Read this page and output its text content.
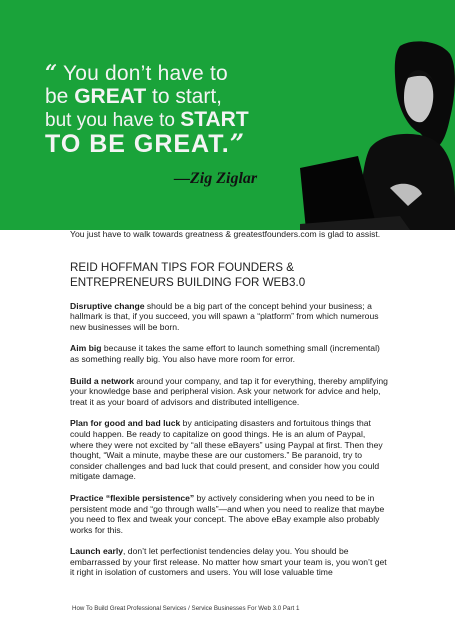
“ You don’t have to
be GREAT to start,
but you have to START
TO BE GREAT.”
—Zig Ziglar

You just have to walk towards greatness & greatestfounders.com is glad to assist.

REID HOFFMAN TIPS FOR FOUNDERS & ENTREPRENEURS BUILDING FOR WEB3.0

Disruptive change should be a big part of the concept behind your business; a hallmark is that, if you succeed, you will spawn a “platform” from which numerous new businesses will be born.

Aim big because it takes the same effort to launch something small (incremental) as something really big. You also have more room for error.

Build a network around your company, and tap it for everything, thereby amplifying your knowledge base and peripheral vision. Ask your network for advice and help, treat it as your board of advisors and distributed intelligence.

Plan for good and bad luck by anticipating disasters and fortuitous things that could happen. Be ready to capitalize on good things. He is an alum of Paypal, where they were not excited by “all these eBayers” using Paypal at first. Then they thought, “Wait a minute, maybe these are our customers.” Be paranoid, try to consider challenges and bad luck that could present, and consider how you could mitigate damage.

Practice “flexible persistence” by actively considering when you need to be in persistent mode and “go through walls”—and when you need to realize that maybe you need to flex and tweak your concept. The above eBay example also probably works for this.

Launch early, don’t let perfectionist tendencies delay you. You should be embarrassed by your first release. No matter how smart your team is, you won’t get it right in isolation of customers and users. You will lose valuable time

How To Build Great Professional Services / Service Businesses For Web 3.0 Part 1
